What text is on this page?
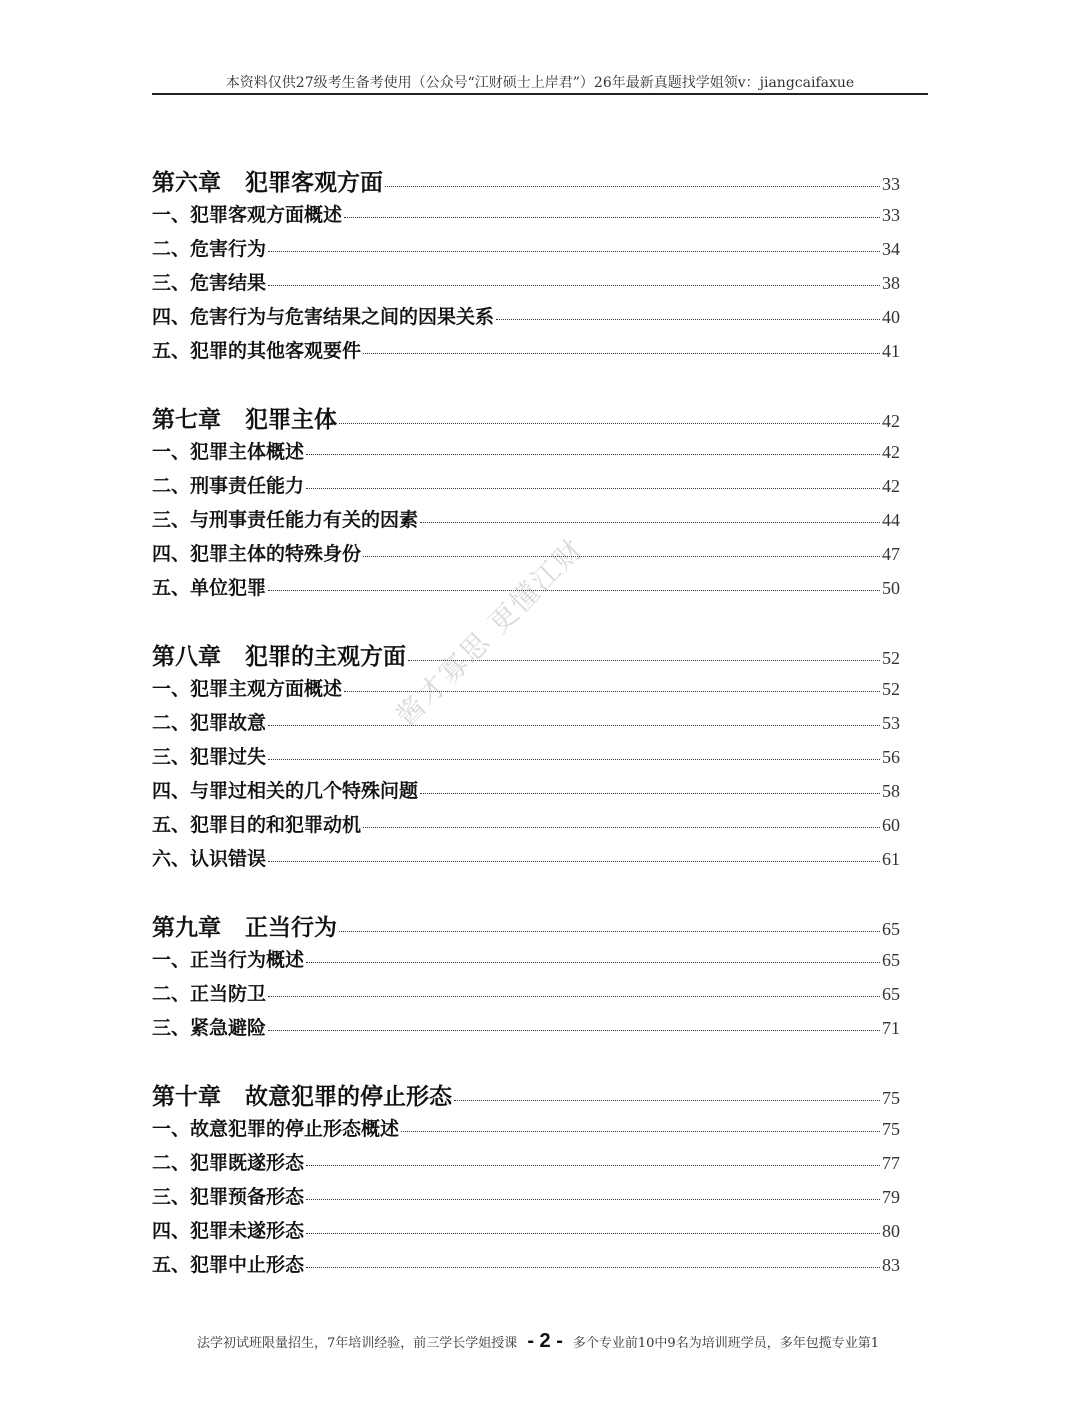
本资料仅供27级考生备考使用（公众号“江财硕士上岸君”）26年最新真题找学姐领v：jiangcaifaxue
第六章 犯罪客观方面	33
一、犯罪客观方面概述	33
二、危害行为	34
三、危害结果	38
四、危害行为与危害结果之间的因果关系	40
五、犯罪的其他客观要件	41
第七章 犯罪主体	42
一、犯罪主体概述	42
二、刑事责任能力	42
三、与刑事责任能力有关的因素	44
四、犯罪主体的特殊身份	47
五、单位犯罪	50
第八章 犯罪的主观方面	52
一、犯罪主观方面概述	52
二、犯罪故意	53
三、犯罪过失	56
四、与罪过相关的几个特殊问题	58
五、犯罪目的和犯罪动机	60
六、认识错误	61
第九章 正当行为	65
一、正当行为概述	65
二、正当防卫	65
三、紧急避险	71
第十章 故意犯罪的停止形态	75
一、故意犯罪的停止形态概述	75
二、犯罪既遂形态	77
三、犯罪预备形态	79
四、犯罪未遂形态	80
五、犯罪中止形态	83
酱才寡思 更懂江财
法学初试班限量招生，7年培训经验，前三学长学姐授课 - 2 - 多个专业前10中9名为培训班学员，多年包揽专业第1
